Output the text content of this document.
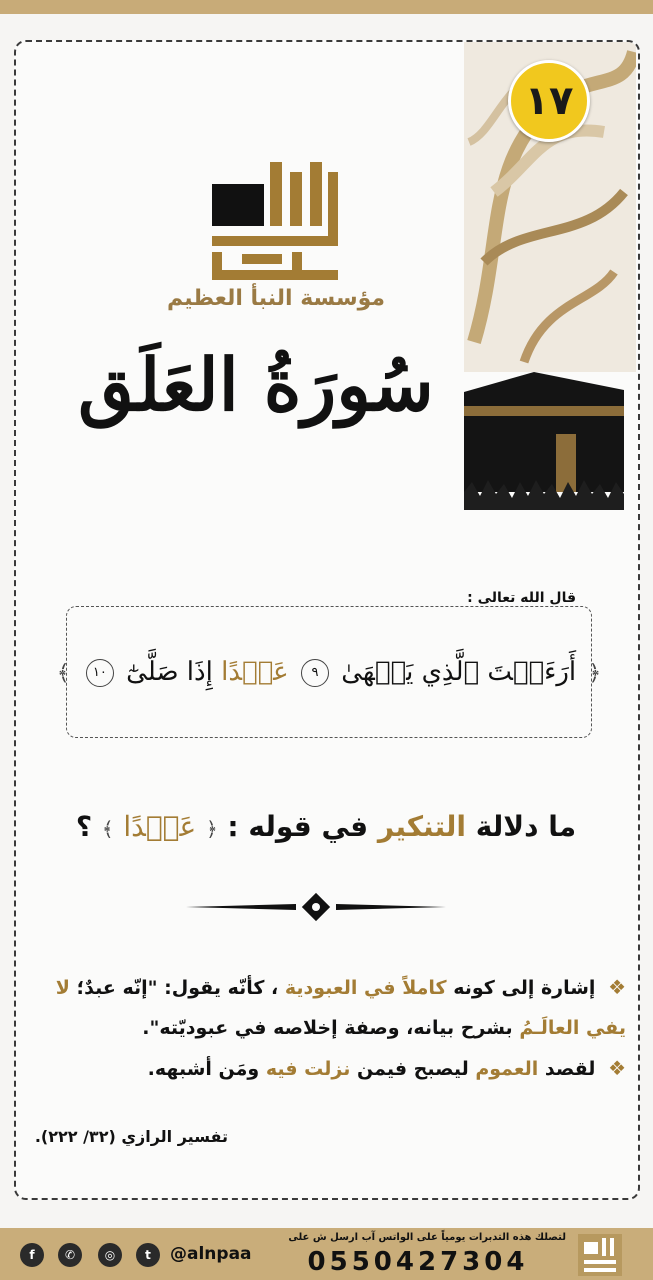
١٧
مؤسسة النبأ العظيم
سُورَةُ العَلَق
قال الله تعالى :
﴿ أَرَءَيۡتَ ٱلَّذِي يَنۡهَىٰ ٩ عَبۡدًا إِذَا صَلَّىٰٓ ١٠ ﴾
ما دلالة التنكير في قوله : ﴿ عَبۡدًا ﴾ ؟

❖ إشارة إلى كونه كاملاً في العبودية ، كأنّه يقول: "إنّه عبدٌ؛ لا يفي العالَـمُ بشرح بيانه، وصفة إخلاصه في عبوديّته".

❖ لقصد العموم ليصبح فيمن نزلت فيه ومَن أشبهه.

تفسير الرازي (٣٢/ ٢٢٢).
f	✆	◎	t	@alnpaa
لتصلك هذه التدبرات يومياً على الواتس آب ارسل ش على
0550427304
